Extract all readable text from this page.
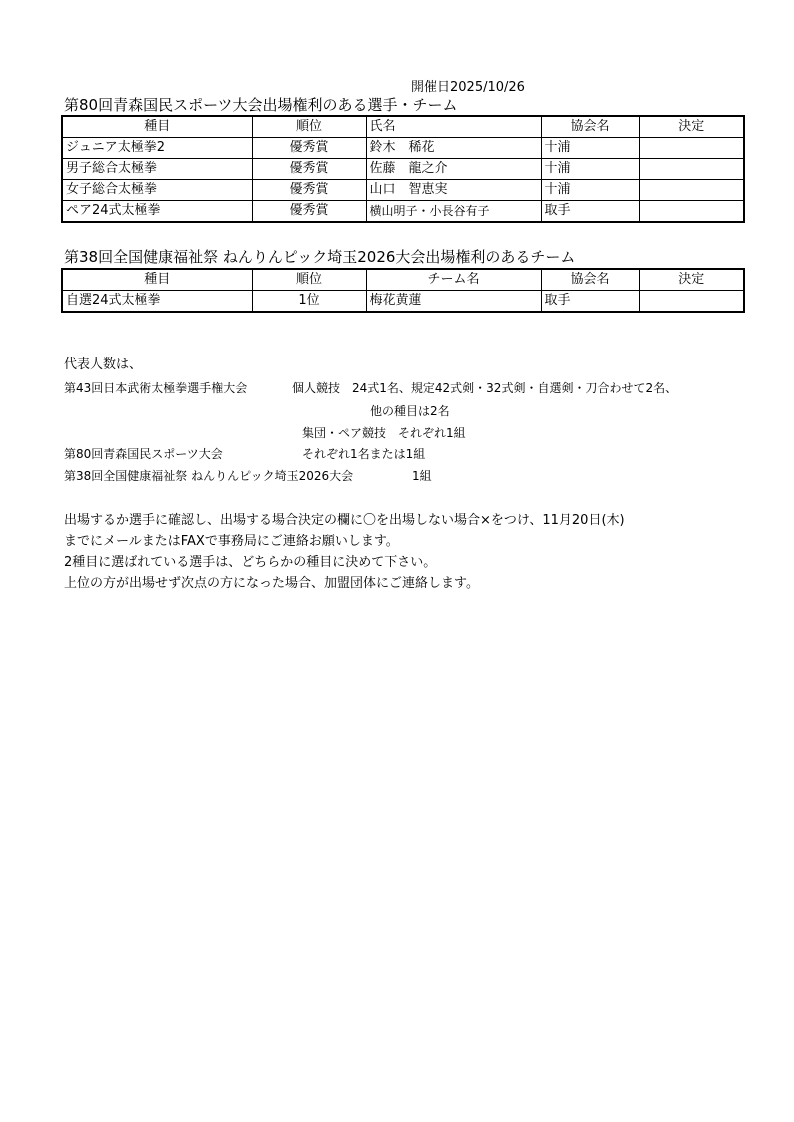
開催日2025/10/26
第80回青森国民スポーツ大会出場権利のある選手・チーム
種目	順位	氏名	協会名	決定
ジュニア太極拳2	優秀賞	鈴木　稀花	十浦	
男子総合太極拳	優秀賞	佐藤　龍之介	十浦	
女子総合太極拳	優秀賞	山口　智恵実	十浦	
ペア24式太極拳	優秀賞	横山明子・小長谷有子	取手	
第38回全国健康福祉祭 ねんりんピック埼玉2026大会出場権利のあるチーム
種目	順位	チーム名	協会名	決定
自選24式太極拳	1位	梅花黄蓮	取手	
代表人数は、
第43回日本武術太極拳選手権大会	個人競技　24式1名、規定42式剣・32式剣・自選剣・刀合わせて2名、
他の種目は2名
集団・ペア競技　それぞれ1組
第80回青森国民スポーツ大会	それぞれ1名または1組
第38回全国健康福祉祭 ねんりんピック埼玉2026大会	1組
出場するか選手に確認し、出場する場合決定の欄に〇を出場しない場合×をつけ、11月20日(木)
までにメールまたはFAXで事務局にご連絡お願いします。
2種目に選ばれている選手は、どちらかの種目に決めて下さい。
上位の方が出場せず次点の方になった場合、加盟団体にご連絡します。
